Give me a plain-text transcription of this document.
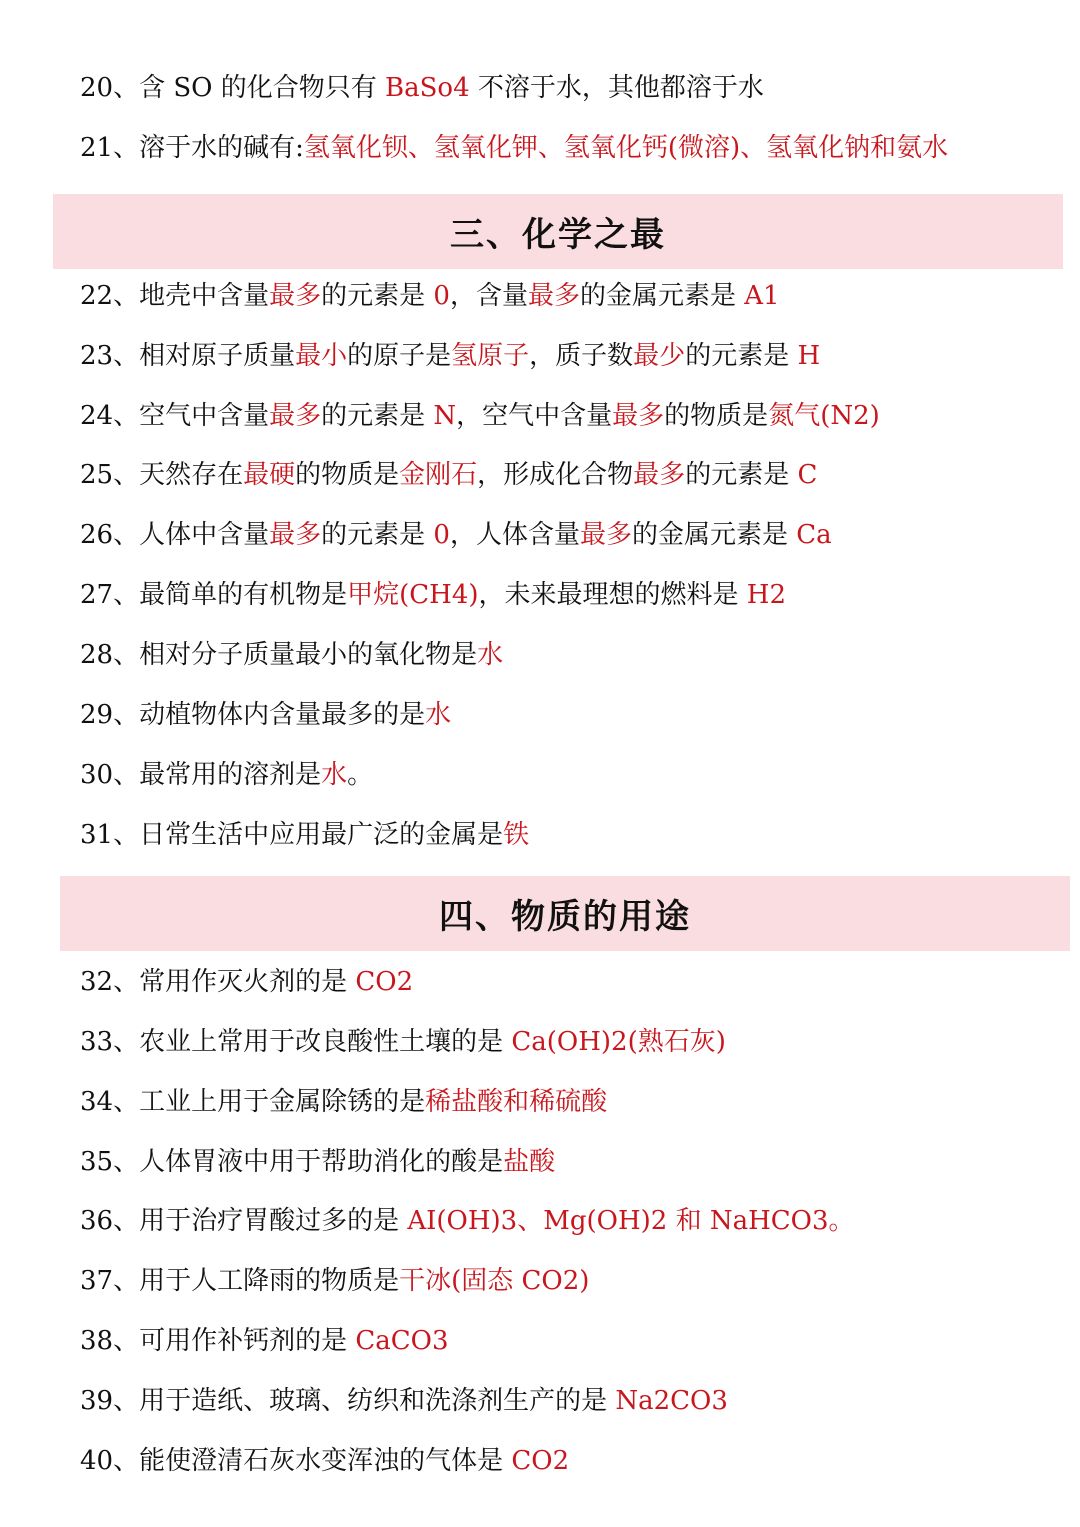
20、含 SO 的化合物只有 BaSo4 不溶于水，其他都溶于水
21、溶于水的碱有:氢氧化钡、氢氧化钾、氢氧化钙(微溶)、氢氧化钠和氨水
三、化学之最
22、地壳中含量最多的元素是 0，含量最多的金属元素是 A1
23、相对原子质量最小的原子是氢原子，质子数最少的元素是 H
24、空气中含量最多的元素是 N，空气中含量最多的物质是氮气(N2)
25、天然存在最硬的物质是金刚石，形成化合物最多的元素是 C
26、人体中含量最多的元素是 0，人体含量最多的金属元素是 Ca
27、最简单的有机物是甲烷(CH4)，未来最理想的燃料是 H2
28、相对分子质量最小的氧化物是水
29、动植物体内含量最多的是水
30、最常用的溶剂是水。
31、日常生活中应用最广泛的金属是铁
四、物质的用途
32、常用作灭火剂的是 CO2
33、农业上常用于改良酸性土壤的是 Ca(OH)2(熟石灰)
34、工业上用于金属除锈的是稀盐酸和稀硫酸
35、人体胃液中用于帮助消化的酸是盐酸
36、用于治疗胃酸过多的是 AI(OH)3、Mg(OH)2 和 NaHCO3。
37、用于人工降雨的物质是干冰(固态 CO2)
38、可用作补钙剂的是 CaCO3
39、用于造纸、玻璃、纺织和洗涤剂生产的是 Na2CO3
40、能使澄清石灰水变浑浊的气体是 CO2
